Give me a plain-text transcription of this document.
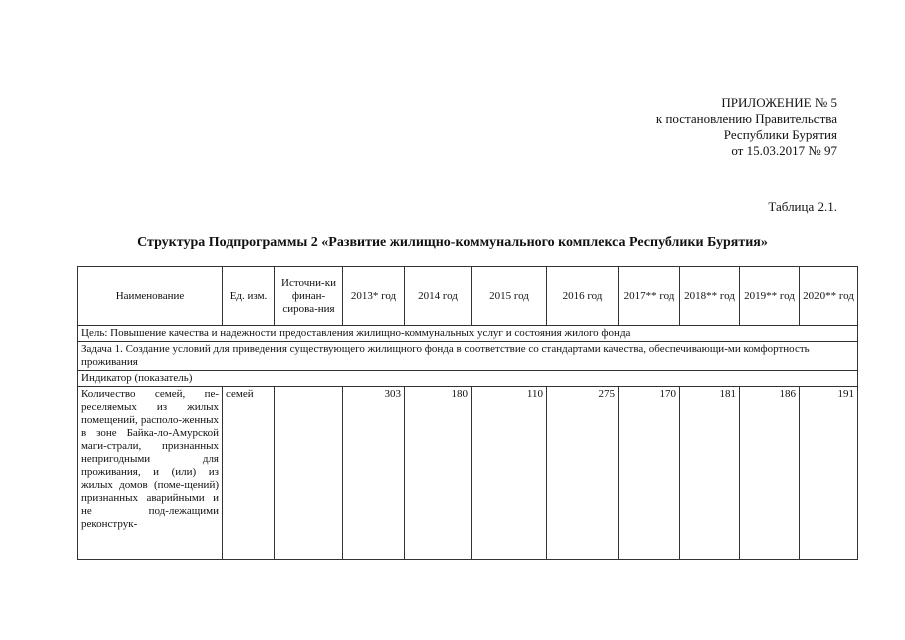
ПРИЛОЖЕНИЕ № 5
к постановлению Правительства
Республики Бурятия
от 15.03.2017 № 97
Таблица 2.1.
Структура Подпрограммы 2 «Развитие жилищно-коммунального комплекса Республики Бурятия»
Наименование	Ед. изм.	Источни-ки финан-сирова-ния	2013* год	2014 год	2015 год	2016 год	2017** год	2018** год	2019** год	2020** год
Цель: Повышение качества и надежности предоставления жилищно-коммунальных услуг и состояния жилого фонда										
Задача 1. Создание условий для приведения существующего жилищного фонда в соответствие со стандартами качества, обеспечивающи-ми комфортность проживания										
Индикатор (показатель)										
Количество семей, пе-реселяемых из жилых помещений, располо-женных в зоне Байка-ло-Амурской маги-страли, признанных непригодными для проживания, и (или) из жилых домов (поме-щений) признанных аварийными и не под-лежащими реконструк-	семей		303	180	110	275	170	181	186	191
